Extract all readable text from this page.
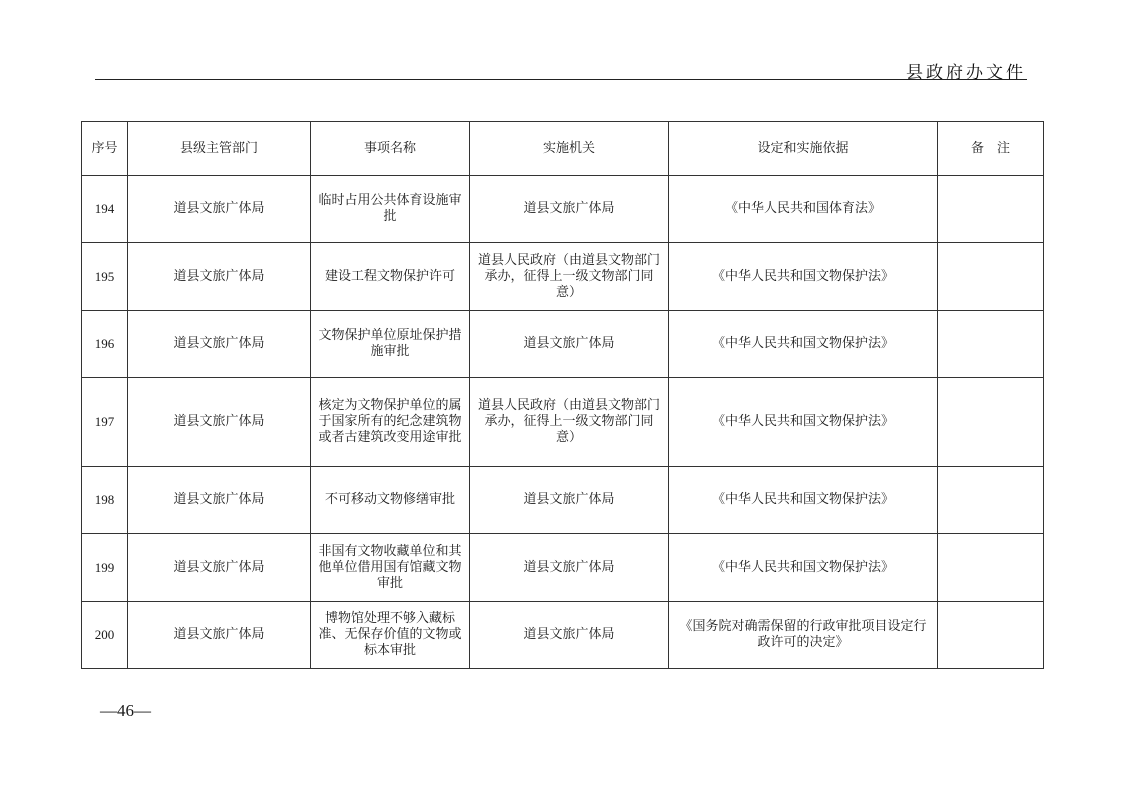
县政府办文件
序号	县级主管部门	事项名称	实施机关	设定和实施依据	备　注
194	道县文旅广体局	临时占用公共体育设施审批	道县文旅广体局	《中华人民共和国体育法》	
195	道县文旅广体局	建设工程文物保护许可	道县人民政府（由道县文物部门承办，征得上一级文物部门同意）	《中华人民共和国文物保护法》	
196	道县文旅广体局	文物保护单位原址保护措施审批	道县文旅广体局	《中华人民共和国文物保护法》	
197	道县文旅广体局	核定为文物保护单位的属于国家所有的纪念建筑物或者古建筑改变用途审批	道县人民政府（由道县文物部门承办，征得上一级文物部门同意）	《中华人民共和国文物保护法》	
198	道县文旅广体局	不可移动文物修缮审批	道县文旅广体局	《中华人民共和国文物保护法》	
199	道县文旅广体局	非国有文物收藏单位和其他单位借用国有馆藏文物审批	道县文旅广体局	《中华人民共和国文物保护法》	
200	道县文旅广体局	博物馆处理不够入藏标准、无保存价值的文物或标本审批	道县文旅广体局	《国务院对确需保留的行政审批项目设定行政许可的决定》	
—46—
